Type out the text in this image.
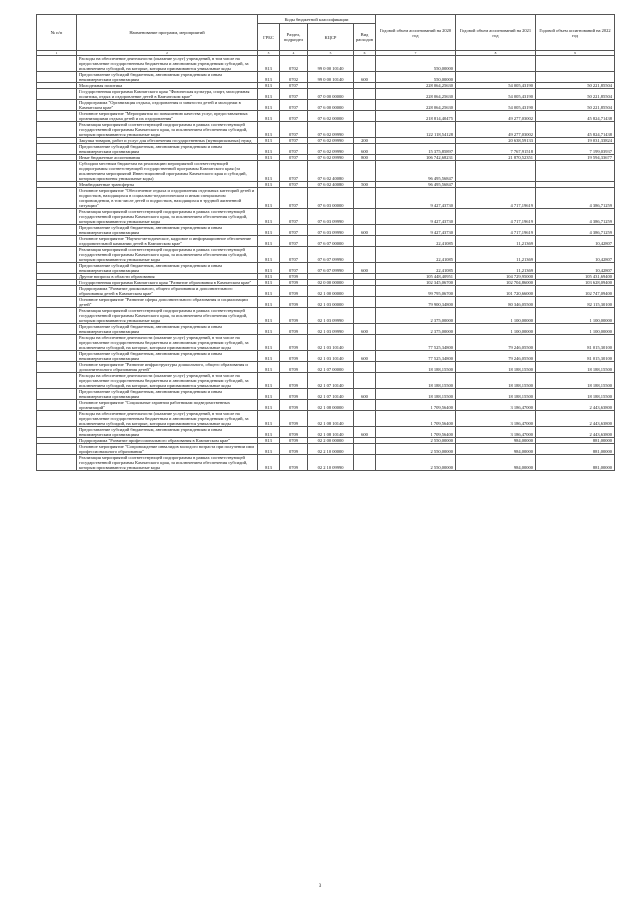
№ п/п	Наименование программ, мероприятий	Коды бюджетной классификации				Годовой объем ассигнований на 2020 год	Годовой объем ассигнований на 2021 год	Годовой объем ассигнований на 2022 год
		ГРБС	Раздел, подраздел	КЦСР	Вид расходов			
1	2	3	4	5	6	7	8	9
	Расходы на обеспечение деятельности (оказание услуг) учреждений, в том числе на предоставление государственным бюджетным и автономным учреждениям субсидий, за исключением субсидий, на которые, которым присваиваются уникальные коды	813	0702	99 0 00 10140		550,00000		
	Предоставление субсидий бюджетным, автономным учреждениям и иным некоммерческим организациям	813	0702	99 0 00 10140	600	550,00000		
	Молодежная политика	813	0707			228 064,25630	54 005,43190	50 221,85504
	Государственная программа Камчатского края "Физическая культура, спорт, молодежная политика, отдых и оздоровление детей в Камчатском крае"	813	0707	07 0 00 00000		228 064,25630	54 005,43190	50 221,85504
	Подпрограмма "Организация отдыха, оздоровления и занятости детей и молодежи в Камчатском крае"	813	0707	07 6 00 00000		228 064,25630	54 005,43190	50 221,85504
	Основное мероприятие "Мероприятия по повышению качества услуг, предоставляемых организациями отдыха детей и их оздоровления"	813	0707	07 6 02 00000		218 814,40475	49 277,03002	45 824,71438
	Реализация мероприятий соответствующей подпрограммы в рамках соответствующей государственной программы Камчатского края, за исключением обеспечения субсидий, которым присваиваются уникальные коды	813	0707	07 6 02 09990		122 118,54128	49 277,03002	45 824,71438
	Закупка товаров, работ и услуг для обеспечения государственных (муниципальных) нужд	813	0707	07 6 02 09990	200		20 638,59133	19 031,33824
	Предоставление субсидий бюджетным, автономным учреждениям и иным некоммерческим организациям	813	0707	07 6 02 09990	600	15 375,85897	7 767,91518	7 199,03937
	Иные бюджетные ассигнования	813	0707	07 6 02 09990	800	106 742,68231	21 870,52351	19 594,33677
	Субсидии местным бюджетам на реализацию мероприятий соответствующей подпрограммы соответствующей государственной программы Камчатского края (за исключением мероприятий Инвестиционной программы Камчатского края и субсидий, которым присвоены уникальные коды)	813	0707	07 6 02 40080		96 495,56847		
	Межбюджетные трансферты	813	0707	07 6 02 40080	500	96 495,56847		
	Основное мероприятие "Обеспечение отдыха и оздоровления отдельных категорий детей и подростков, находящихся в социально-педагогическом и иным специальном сопровождении, в том числе детей и подростков, находящихся в трудной жизненной ситуации"	813	0707	07 6 03 00000		9 427,43730	4 717,19619	4 386,71259
	Реализация мероприятий соответствующей подпрограммы в рамках соответствующей государственной программы Камчатского края, за исключением обеспечения субсидий, которым присваиваются уникальные коды	813	0707	07 6 03 09990		9 427,43730	4 717,19619	4 386,71259
	Предоставление субсидий бюджетным, автономным учреждениям и иным некоммерческим организациям	813	0707	07 6 03 09990	600	9 427,43730	4 717,19619	4 386,71259
	Основное мероприятие "Научно-методическое, кадровое и информационное обеспечение оздоровительной кампании детей в Камчатском крае"	813	0707	07 6 07 00000		22,41085	11,21369	10,42807
	Реализация мероприятий соответствующей подпрограммы в рамках соответствующей государственной программы Камчатского края, за исключением обеспечения субсидий, которым присваиваются уникальные коды	813	0707	07 6 07 09990		22,41085	11,21369	10,42807
	Предоставление субсидий бюджетным, автономным учреждениям и иным некоммерческим организациям	813	0707	07 6 07 09990	600	22,41085	11,21369	10,42807
	Другие вопросы в области образования	813	0709			105 448,40951	104 729,95000	105 431,69400
	Государственная программа Камчатского края "Развитие образования в Камчатском крае"	813	0709	02 0 00 00000		102 345,06700	102 704,86000	103 628,09400
	Подпрограмма "Развитие дошкольного, общего образования и дополнительного образования детей в Камчатском крае"	813	0709	02 1 00 00000		99 795,06700	101 720,66000	102 747,09400
	Основное мероприятие "Развитие сферы дополнительного образования и социализации детей"	813	0709	02 1 03 00000		79 900,34800	80 346,05500	82 115,30100
	Реализация мероприятий соответствующей подпрограммы в рамках соответствующей государственной программы Камчатского края, за исключением обеспечения субсидий, которым присваиваются уникальные коды	813	0709	02 1 03 09990		2 375,00000	1 100,00000	1 100,00000
	Предоставление субсидий бюджетным, автономным учреждениям и иным некоммерческим организациям	813	0709	02 1 03 09990	600	2 375,00000	1 100,00000	1 100,00000
	Расходы на обеспечение деятельности (оказание услуг) учреждений, в том числе на предоставление государственным бюджетным и автономным учреждениям субсидий, за исключением субсидий, на которые, которым присваиваются уникальные коды	813	0709	02 1 03 10140		77 525,34800	79 246,05500	81 015,30100
	Предоставление субсидий бюджетным, автономным учреждениям и иным некоммерческим организациям	813	0709	02 1 03 10140	600	77 525,34800	79 246,05500	81 015,30100
	Основное мероприятие "Развитие инфраструктуры дошкольного, общего образования и дополнительного образования детей"	813	0709	02 1 07 00000		18 188,15500	18 188,15500	18 188,15500
	Расходы на обеспечение деятельности (оказание услуг) учреждений, в том числе на предоставление государственным бюджетным и автономным учреждениям субсидий, за исключением субсидий, на которые, которым присваиваются уникальные коды	813	0709	02 1 07 10140		18 188,15500	18 188,15500	18 188,15500
	Предоставление субсидий бюджетным, автономным учреждениям и иным некоммерческим организациям	813	0709	02 1 07 10140	600	18 188,15500	18 188,15500	18 188,15500
	Основное мероприятие "Социальные гарантии работникам подведомственных организаций"	813	0709	02 1 08 00000		1 709,56400	3 186,47000	2 443,63800
	Расходы на обеспечение деятельности (оказание услуг) учреждений, в том числе на предоставление государственным бюджетным и автономным учреждениям субсидий, за исключением субсидий, на которые, которым присваиваются уникальные коды	813	0709	02 1 08 10140		1 709,56400	3 186,47000	2 443,63800
	Предоставление субсидий бюджетным, автономным учреждениям и иным некоммерческим организациям	813	0709	02 1 08 10140	600	1 709,56400	3 186,47000	2 443,63800
	Подпрограмма "Развитие профессионального образования в Камчатском крае"	813	0709	02 2 00 00000		2 550,00000	984,00000	881,00000
	Основное мероприятие "Сопровождение инвалидов молодого возраста при получении ими профессионального образования"	813	0709	02 2 10 00000		2 550,00000	984,00000	881,00000
	Реализация мероприятий соответствующей подпрограммы в рамках соответствующей государственной программы Камчатского края, за исключением обеспечения субсидий, которым присваиваются уникальные коды	813	0709	02 2 10 09990		2 550,00000	984,00000	881,00000
3
